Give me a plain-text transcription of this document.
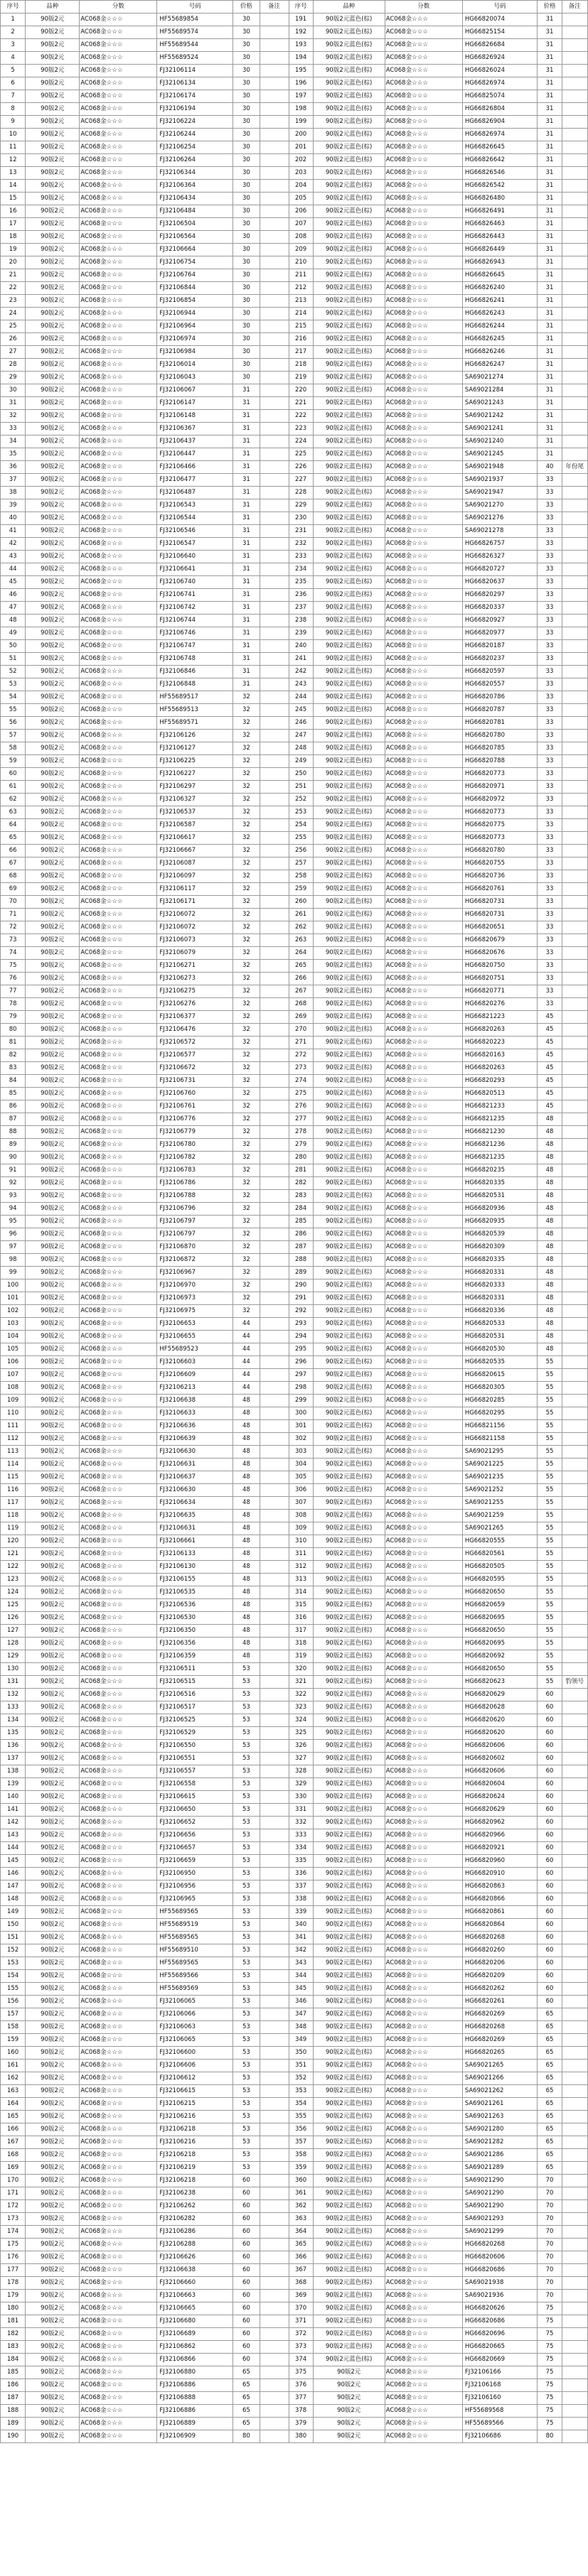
序号	品种	分数	号码	价格	备注	序号	品种	分数	号码	价格	备注
1	90版2元	AC068金☆☆☆	HF55689854	30		191	90版2元蓝色(棕)	AC068金☆☆☆	HG66820074	31	
2	90版2元	AC068金☆☆☆	HF55689574	30		192	90版2元蓝色(棕)	AC068金☆☆☆	HG66825154	31	
3	90版2元	AC068金☆☆☆	HF55689544	30		193	90版2元蓝色(棕)	AC068金☆☆☆	HG66826684	31	
4	90版2元	AC068金☆☆☆	HF55689524	30		194	90版2元蓝色(棕)	AC068金☆☆☆	HG66826924	31	
5	90版2元	AC068金☆☆☆	FJ32106114	30		195	90版2元蓝色(棕)	AC068金☆☆☆	HG66826024	31	
6	90版2元	AC068金☆☆☆	FJ32106134	30		196	90版2元蓝色(棕)	AC068金☆☆☆	HG66826974	31	
7	90版2元	AC068金☆☆☆	FJ32106174	30		197	90版2元蓝色(棕)	AC068金☆☆☆	HG66825074	31	
8	90版2元	AC068金☆☆☆	FJ32106194	30		198	90版2元蓝色(棕)	AC068金☆☆☆	HG66826804	31	
9	90版2元	AC068金☆☆☆	FJ32106224	30		199	90版2元蓝色(棕)	AC068金☆☆☆	HG66826904	31	
10	90版2元	AC068金☆☆☆	FJ32106244	30		200	90版2元蓝色(棕)	AC068金☆☆☆	HG66826974	31	
11	90版2元	AC068金☆☆☆	FJ32106254	30		201	90版2元蓝色(棕)	AC068金☆☆☆	HG66826645	31	
12	90版2元	AC068金☆☆☆	FJ32106264	30		202	90版2元蓝色(棕)	AC068金☆☆☆	HG66826642	31	
13	90版2元	AC068金☆☆☆	FJ32106344	30		203	90版2元蓝色(棕)	AC068金☆☆☆	HG66826546	31	
14	90版2元	AC068金☆☆☆	FJ32106364	30		204	90版2元蓝色(棕)	AC068金☆☆☆	HG66826542	31	
15	90版2元	AC068金☆☆☆	FJ32106434	30		205	90版2元蓝色(棕)	AC068金☆☆☆	HG66826480	31	
16	90版2元	AC068金☆☆☆	FJ32106484	30		206	90版2元蓝色(棕)	AC068金☆☆☆	HG66826491	31	
17	90版2元	AC068金☆☆☆	FJ32106504	30		207	90版2元蓝色(棕)	AC068金☆☆☆	HG66826463	31	
18	90版2元	AC068金☆☆☆	FJ32106564	30		208	90版2元蓝色(棕)	AC068金☆☆☆	HG66826443	31	
19	90版2元	AC068金☆☆☆	FJ32106664	30		209	90版2元蓝色(棕)	AC068金☆☆☆	HG66826449	31	
20	90版2元	AC068金☆☆☆	FJ32106754	30		210	90版2元蓝色(棕)	AC068金☆☆☆	HG66826943	31	
21	90版2元	AC068金☆☆☆	FJ32106764	30		211	90版2元蓝色(棕)	AC068金☆☆☆	HG66826645	31	
22	90版2元	AC068金☆☆☆	FJ32106844	30		212	90版2元蓝色(棕)	AC068金☆☆☆	HG66826240	31	
23	90版2元	AC068金☆☆☆	FJ32106854	30		213	90版2元蓝色(棕)	AC068金☆☆☆	HG66826241	31	
24	90版2元	AC068金☆☆☆	FJ32106944	30		214	90版2元蓝色(棕)	AC068金☆☆☆	HG66826243	31	
25	90版2元	AC068金☆☆☆	FJ32106964	30		215	90版2元蓝色(棕)	AC068金☆☆☆	HG66826244	31	
26	90版2元	AC068金☆☆☆	FJ32106974	30		216	90版2元蓝色(棕)	AC068金☆☆☆	HG66826245	31	
27	90版2元	AC068金☆☆☆	FJ32106984	30		217	90版2元蓝色(棕)	AC068金☆☆☆	HG66826246	31	
28	90版2元	AC068金☆☆☆	FJ32106014	30		218	90版2元蓝色(棕)	AC068金☆☆☆	HG66826247	31	
29	90版2元	AC068金☆☆☆	FJ32106043	30		219	90版2元蓝色(棕)	AC068金☆☆☆	SA69021274	31	
30	90版2元	AC068金☆☆☆	FJ32106067	31		220	90版2元蓝色(棕)	AC068金☆☆☆	SA69021284	31	
31	90版2元	AC068金☆☆☆	FJ32106147	31		221	90版2元蓝色(棕)	AC068金☆☆☆	SA69021243	31	
32	90版2元	AC068金☆☆☆	FJ32106148	31		222	90版2元蓝色(棕)	AC068金☆☆☆	SA69021242	31	
33	90版2元	AC068金☆☆☆	FJ32106367	31		223	90版2元蓝色(棕)	AC068金☆☆☆	SA69021241	31	
34	90版2元	AC068金☆☆☆	FJ32106437	31		224	90版2元蓝色(棕)	AC068金☆☆☆	SA69021240	31	
35	90版2元	AC068金☆☆☆	FJ32106447	31		225	90版2元蓝色(棕)	AC068金☆☆☆	SA69021245	31	
36	90版2元	AC068金☆☆☆	FJ32106466	31		226	90版2元蓝色(棕)	AC068金☆☆☆	SA69021948	40	年份尾
37	90版2元	AC068金☆☆☆	FJ32106477	31		227	90版2元蓝色(棕)	AC068金☆☆☆	SA69021937	33	
38	90版2元	AC068金☆☆☆	FJ32106487	31		228	90版2元蓝色(棕)	AC068金☆☆☆	SA69021947	33	
39	90版2元	AC068金☆☆☆	FJ32106543	31		229	90版2元蓝色(棕)	AC068金☆☆☆	SA69021270	33	
40	90版2元	AC068金☆☆☆	FJ32106544	31		230	90版2元蓝色(棕)	AC068金☆☆☆	SA69021276	33	
41	90版2元	AC068金☆☆☆	FJ32106546	31		231	90版2元蓝色(棕)	AC068金☆☆☆	SA69021278	33	
42	90版2元	AC068金☆☆☆	FJ32106547	31		232	90版2元蓝色(棕)	AC068金☆☆☆	HG66826757	33	
43	90版2元	AC068金☆☆☆	FJ32106640	31		233	90版2元蓝色(棕)	AC068金☆☆☆	HG66826327	33	
44	90版2元	AC068金☆☆☆	FJ32106641	31		234	90版2元蓝色(棕)	AC068金☆☆☆	HG66820727	33	
45	90版2元	AC068金☆☆☆	FJ32106740	31		235	90版2元蓝色(棕)	AC068金☆☆☆	HG66820637	33	
46	90版2元	AC068金☆☆☆	FJ32106741	31		236	90版2元蓝色(棕)	AC068金☆☆☆	HG66820297	33	
47	90版2元	AC068金☆☆☆	FJ32106742	31		237	90版2元蓝色(棕)	AC068金☆☆☆	HG66820337	33	
48	90版2元	AC068金☆☆☆	FJ32106744	31		238	90版2元蓝色(棕)	AC068金☆☆☆	HG66820927	33	
49	90版2元	AC068金☆☆☆	FJ32106746	31		239	90版2元蓝色(棕)	AC068金☆☆☆	HG66820977	33	
50	90版2元	AC068金☆☆☆	FJ32106747	31		240	90版2元蓝色(棕)	AC068金☆☆☆	HG66820187	33	
51	90版2元	AC068金☆☆☆	FJ32106748	31		241	90版2元蓝色(棕)	AC068金☆☆☆	HG66820237	33	
52	90版2元	AC068金☆☆☆	FJ32106846	31		242	90版2元蓝色(棕)	AC068金☆☆☆	HG66820597	33	
53	90版2元	AC068金☆☆☆	FJ32106848	31		243	90版2元蓝色(棕)	AC068金☆☆☆	HG66820557	33	
54	90版2元	AC068金☆☆☆	HF55689517	32		244	90版2元蓝色(棕)	AC068金☆☆☆	HG66820786	33	
55	90版2元	AC068金☆☆☆	HF55689513	32		245	90版2元蓝色(棕)	AC068金☆☆☆	HG66820787	33	
56	90版2元	AC068金☆☆☆	HF55689571	32		246	90版2元蓝色(棕)	AC068金☆☆☆	HG66820781	33	
57	90版2元	AC068金☆☆☆	FJ32106126	32		247	90版2元蓝色(棕)	AC068金☆☆☆	HG66820780	33	
58	90版2元	AC068金☆☆☆	FJ32106127	32		248	90版2元蓝色(棕)	AC068金☆☆☆	HG66820785	33	
59	90版2元	AC068金☆☆☆	FJ32106225	32		249	90版2元蓝色(棕)	AC068金☆☆☆	HG66820788	33	
60	90版2元	AC068金☆☆☆	FJ32106227	32		250	90版2元蓝色(棕)	AC068金☆☆☆	HG66820773	33	
61	90版2元	AC068金☆☆☆	FJ32106297	32		251	90版2元蓝色(棕)	AC068金☆☆☆	HG66820971	33	
62	90版2元	AC068金☆☆☆	FJ32106327	32		252	90版2元蓝色(棕)	AC068金☆☆☆	HG66820972	33	
63	90版2元	AC068金☆☆☆	FJ32106537	32		253	90版2元蓝色(棕)	AC068金☆☆☆	HG66820773	33	
64	90版2元	AC068金☆☆☆	FJ32106587	32		254	90版2元蓝色(棕)	AC068金☆☆☆	HG66820775	33	
65	90版2元	AC068金☆☆☆	FJ32106617	32		255	90版2元蓝色(棕)	AC068金☆☆☆	HG66820773	33	
66	90版2元	AC068金☆☆☆	FJ32106667	32		256	90版2元蓝色(棕)	AC068金☆☆☆	HG66820780	33	
67	90版2元	AC068金☆☆☆	FJ32106087	32		257	90版2元蓝色(棕)	AC068金☆☆☆	HG66820755	33	
68	90版2元	AC068金☆☆☆	FJ32106097	32		258	90版2元蓝色(棕)	AC068金☆☆☆	HG66820736	33	
69	90版2元	AC068金☆☆☆	FJ32106117	32		259	90版2元蓝色(棕)	AC068金☆☆☆	HG66820761	33	
70	90版2元	AC068金☆☆☆	FJ32106171	32		260	90版2元蓝色(棕)	AC068金☆☆☆	HG66820731	33	
71	90版2元	AC068金☆☆☆	FJ32106072	32		261	90版2元蓝色(棕)	AC068金☆☆☆	HG66820731	33	
72	90版2元	AC068金☆☆☆	FJ32106072	32		262	90版2元蓝色(棕)	AC068金☆☆☆	HG66820651	33	
73	90版2元	AC068金☆☆☆	FJ32106073	32		263	90版2元蓝色(棕)	AC068金☆☆☆	HG66820679	33	
74	90版2元	AC068金☆☆☆	FJ32106079	32		264	90版2元蓝色(棕)	AC068金☆☆☆	HG66820676	33	
75	90版2元	AC068金☆☆☆	FJ32106271	32		265	90版2元蓝色(棕)	AC068金☆☆☆	HG66820750	33	
76	90版2元	AC068金☆☆☆	FJ32106273	32		266	90版2元蓝色(棕)	AC068金☆☆☆	HG66820751	33	
77	90版2元	AC068金☆☆☆	FJ32106275	32		267	90版2元蓝色(棕)	AC068金☆☆☆	HG66820771	33	
78	90版2元	AC068金☆☆☆	FJ32106276	32		268	90版2元蓝色(棕)	AC068金☆☆☆	HG66820276	33	
79	90版2元	AC068金☆☆☆	FJ32106377	32		269	90版2元蓝色(棕)	AC068金☆☆☆	HG66821223	45	
80	90版2元	AC068金☆☆☆	FJ32106476	32		270	90版2元蓝色(棕)	AC068金☆☆☆	HG66820263	45	
81	90版2元	AC068金☆☆☆	FJ32106572	32		271	90版2元蓝色(棕)	AC068金☆☆☆	HG66820223	45	
82	90版2元	AC068金☆☆☆	FJ32106577	32		272	90版2元蓝色(棕)	AC068金☆☆☆	HG66820163	45	
83	90版2元	AC068金☆☆☆	FJ32106672	32		273	90版2元蓝色(棕)	AC068金☆☆☆	HG66820263	45	
84	90版2元	AC068金☆☆☆	FJ32106731	32		274	90版2元蓝色(棕)	AC068金☆☆☆	HG66820293	45	
85	90版2元	AC068金☆☆☆	FJ32106760	32		275	90版2元蓝色(棕)	AC068金☆☆☆	HG66820513	45	
86	90版2元	AC068金☆☆☆	FJ32106761	32		276	90版2元蓝色(棕)	AC068金☆☆☆	HG66821233	45	
87	90版2元	AC068金☆☆☆	FJ32106776	32		277	90版2元蓝色(棕)	AC068金☆☆☆	HG66821235	48	
88	90版2元	AC068金☆☆☆	FJ32106779	32		278	90版2元蓝色(棕)	AC068金☆☆☆	HG66821230	48	
89	90版2元	AC068金☆☆☆	FJ32106780	32		279	90版2元蓝色(棕)	AC068金☆☆☆	HG66821236	48	
90	90版2元	AC068金☆☆☆	FJ32106782	32		280	90版2元蓝色(棕)	AC068金☆☆☆	HG66821235	48	
91	90版2元	AC068金☆☆☆	FJ32106783	32		281	90版2元蓝色(棕)	AC068金☆☆☆	HG66820235	48	
92	90版2元	AC068金☆☆☆	FJ32106786	32		282	90版2元蓝色(棕)	AC068金☆☆☆	HG66820335	48	
93	90版2元	AC068金☆☆☆	FJ32106788	32		283	90版2元蓝色(棕)	AC068金☆☆☆	HG66820531	48	
94	90版2元	AC068金☆☆☆	FJ32106796	32		284	90版2元蓝色(棕)	AC068金☆☆☆	HG66820936	48	
95	90版2元	AC068金☆☆☆	FJ32106797	32		285	90版2元蓝色(棕)	AC068金☆☆☆	HG66820935	48	
96	90版2元	AC068金☆☆☆	FJ32106797	32		286	90版2元蓝色(棕)	AC068金☆☆☆	HG66820539	48	
97	90版2元	AC068金☆☆☆	FJ32106870	32		287	90版2元蓝色(棕)	AC068金☆☆☆	HG66820309	48	
98	90版2元	AC068金☆☆☆	FJ32106872	32		288	90版2元蓝色(棕)	AC068金☆☆☆	HG66820335	48	
99	90版2元	AC068金☆☆☆	FJ32106967	32		289	90版2元蓝色(棕)	AC068金☆☆☆	HG66820331	48	
100	90版2元	AC068金☆☆☆	FJ32106970	32		290	90版2元蓝色(棕)	AC068金☆☆☆	HG66820333	48	
101	90版2元	AC068金☆☆☆	FJ32106973	32		291	90版2元蓝色(棕)	AC068金☆☆☆	HG66820331	48	
102	90版2元	AC068金☆☆☆	FJ32106975	32		292	90版2元蓝色(棕)	AC068金☆☆☆	HG66820336	48	
103	90版2元	AC068金☆☆☆	FJ32106653	44		293	90版2元蓝色(棕)	AC068金☆☆☆	HG66820533	48	
104	90版2元	AC068金☆☆☆	FJ32106655	44		294	90版2元蓝色(棕)	AC068金☆☆☆	HG66820531	48	
105	90版2元	AC068金☆☆☆	HF55689523	44		295	90版2元蓝色(棕)	AC068金☆☆☆	HG66820530	48	
106	90版2元	AC068金☆☆☆	FJ32106603	44		296	90版2元蓝色(棕)	AC068金☆☆☆	HG66820535	55	
107	90版2元	AC068金☆☆☆	FJ32106609	44		297	90版2元蓝色(棕)	AC068金☆☆☆	HG66820615	55	
108	90版2元	AC068金☆☆☆	FJ32106213	44		298	90版2元蓝色(棕)	AC068金☆☆☆	HG66820305	55	
109	90版2元	AC068金☆☆☆	FJ32106638	48		299	90版2元蓝色(棕)	AC068金☆☆☆	HG66820285	55	
110	90版2元	AC068金☆☆☆	FJ32106633	48		300	90版2元蓝色(棕)	AC068金☆☆☆	HG66820295	55	
111	90版2元	AC068金☆☆☆	FJ32106636	48		301	90版2元蓝色(棕)	AC068金☆☆☆	HG66821156	55	
112	90版2元	AC068金☆☆☆	FJ32106639	48		302	90版2元蓝色(棕)	AC068金☆☆☆	HG66821158	55	
113	90版2元	AC068金☆☆☆	FJ32106630	48		303	90版2元蓝色(棕)	AC068金☆☆☆	SA69021295	55	
114	90版2元	AC068金☆☆☆	FJ32106631	48		304	90版2元蓝色(棕)	AC068金☆☆☆	SA69021225	55	
115	90版2元	AC068金☆☆☆	FJ32106637	48		305	90版2元蓝色(棕)	AC068金☆☆☆	SA69021235	55	
116	90版2元	AC068金☆☆☆	FJ32106630	48		306	90版2元蓝色(棕)	AC068金☆☆☆	SA69021252	55	
117	90版2元	AC068金☆☆☆	FJ32106634	48		307	90版2元蓝色(棕)	AC068金☆☆☆	SA69021255	55	
118	90版2元	AC068金☆☆☆	FJ32106635	48		308	90版2元蓝色(棕)	AC068金☆☆☆	SA69021259	55	
119	90版2元	AC068金☆☆☆	FJ32106631	48		309	90版2元蓝色(棕)	AC068金☆☆☆	SA69021265	55	
120	90版2元	AC068金☆☆☆	FJ32106661	48		310	90版2元蓝色(棕)	AC068金☆☆☆	HG66820555	55	
121	90版2元	AC068金☆☆☆	FJ32106133	48		311	90版2元蓝色(棕)	AC068金☆☆☆	HG66820561	55	
122	90版2元	AC068金☆☆☆	FJ32106130	48		312	90版2元蓝色(棕)	AC068金☆☆☆	HG66820505	55	
123	90版2元	AC068金☆☆☆	FJ32106155	48		313	90版2元蓝色(棕)	AC068金☆☆☆	HG66820595	55	
124	90版2元	AC068金☆☆☆	FJ32106535	48		314	90版2元蓝色(棕)	AC068金☆☆☆	HG66820650	55	
125	90版2元	AC068金☆☆☆	FJ32106536	48		315	90版2元蓝色(棕)	AC068金☆☆☆	HG66820659	55	
126	90版2元	AC068金☆☆☆	FJ32106530	48		316	90版2元蓝色(棕)	AC068金☆☆☆	HG66820695	55	
127	90版2元	AC068金☆☆☆	FJ32106350	48		317	90版2元蓝色(棕)	AC068金☆☆☆	HG66820650	55	
128	90版2元	AC068金☆☆☆	FJ32106356	48		318	90版2元蓝色(棕)	AC068金☆☆☆	HG66820695	55	
129	90版2元	AC068金☆☆☆	FJ32106359	48		319	90版2元蓝色(棕)	AC068金☆☆☆	HG66820692	55	
130	90版2元	AC068金☆☆☆	FJ32106511	53		320	90版2元蓝色(棕)	AC068金☆☆☆	HG66820650	55	
131	90版2元	AC068金☆☆☆	FJ32106515	53		321	90版2元蓝色(棕)	AC068金☆☆☆	HG66820623	55	豹领号
132	90版2元	AC068金☆☆☆	FJ32106516	53		322	90版2元蓝色(棕)	AC068金☆☆☆	HG66820629	60	
133	90版2元	AC068金☆☆☆	FJ32106517	53		323	90版2元蓝色(棕)	AC068金☆☆☆	HG66820628	60	
134	90版2元	AC068金☆☆☆	FJ32106525	53		324	90版2元蓝色(棕)	AC068金☆☆☆	HG66820620	60	
135	90版2元	AC068金☆☆☆	FJ32106529	53		325	90版2元蓝色(棕)	AC068金☆☆☆	HG66820620	60	
136	90版2元	AC068金☆☆☆	FJ32106550	53		326	90版2元蓝色(棕)	AC068金☆☆☆	HG66820606	60	
137	90版2元	AC068金☆☆☆	FJ32106551	53		327	90版2元蓝色(棕)	AC068金☆☆☆	HG66820602	60	
138	90版2元	AC068金☆☆☆	FJ32106557	53		328	90版2元蓝色(棕)	AC068金☆☆☆	HG66820606	60	
139	90版2元	AC068金☆☆☆	FJ32106558	53		329	90版2元蓝色(棕)	AC068金☆☆☆	HG66820604	60	
140	90版2元	AC068金☆☆☆	FJ32106615	53		330	90版2元蓝色(棕)	AC068金☆☆☆	HG66820624	60	
141	90版2元	AC068金☆☆☆	FJ32106650	53		331	90版2元蓝色(棕)	AC068金☆☆☆	HG66820629	60	
142	90版2元	AC068金☆☆☆	FJ32106652	53		332	90版2元蓝色(棕)	AC068金☆☆☆	HG66820962	60	
143	90版2元	AC068金☆☆☆	FJ32106656	53		333	90版2元蓝色(棕)	AC068金☆☆☆	HG66820966	60	
144	90版2元	AC068金☆☆☆	FJ32106657	53		334	90版2元蓝色(棕)	AC068金☆☆☆	HG66820921	60	
145	90版2元	AC068金☆☆☆	FJ32106659	53		335	90版2元蓝色(棕)	AC068金☆☆☆	HG66820960	60	
146	90版2元	AC068金☆☆☆	FJ32106950	53		336	90版2元蓝色(棕)	AC068金☆☆☆	HG66820910	60	
147	90版2元	AC068金☆☆☆	FJ32106956	53		337	90版2元蓝色(棕)	AC068金☆☆☆	HG66820863	60	
148	90版2元	AC068金☆☆☆	FJ32106965	53		338	90版2元蓝色(棕)	AC068金☆☆☆	HG66820866	60	
149	90版2元	AC068金☆☆☆	HF55689565	53		339	90版2元蓝色(棕)	AC068金☆☆☆	HG66820861	60	
150	90版2元	AC068金☆☆☆	HF55689519	53		340	90版2元蓝色(棕)	AC068金☆☆☆	HG66820864	60	
151	90版2元	AC068金☆☆☆	HF55689565	53		341	90版2元蓝色(棕)	AC068金☆☆☆	HG66820268	60	
152	90版2元	AC068金☆☆☆	HF55689510	53		342	90版2元蓝色(棕)	AC068金☆☆☆	HG66820260	60	
153	90版2元	AC068金☆☆☆	HF55689565	53		343	90版2元蓝色(棕)	AC068金☆☆☆	HG66820206	60	
154	90版2元	AC068金☆☆☆	HF55689566	53		344	90版2元蓝色(棕)	AC068金☆☆☆	HG66820209	60	
155	90版2元	AC068金☆☆☆	HF55689569	53		345	90版2元蓝色(棕)	AC068金☆☆☆	HG66820262	60	
156	90版2元	AC068金☆☆☆	FJ32106065	53		346	90版2元蓝色(棕)	AC068金☆☆☆	HG66820261	60	
157	90版2元	AC068金☆☆☆	FJ32106066	53		347	90版2元蓝色(棕)	AC068金☆☆☆	HG66820269	65	
158	90版2元	AC068金☆☆☆	FJ32106063	53		348	90版2元蓝色(棕)	AC068金☆☆☆	HG66820268	65	
159	90版2元	AC068金☆☆☆	FJ32106065	53		349	90版2元蓝色(棕)	AC068金☆☆☆	HG66820269	65	
160	90版2元	AC068金☆☆☆	FJ32106600	53		350	90版2元蓝色(棕)	AC068金☆☆☆	HG66820265	65	
161	90版2元	AC068金☆☆☆	FJ32106606	53		351	90版2元蓝色(棕)	AC068金☆☆☆	SA69021265	65	
162	90版2元	AC068金☆☆☆	FJ32106612	53		352	90版2元蓝色(棕)	AC068金☆☆☆	SA69021266	65	
163	90版2元	AC068金☆☆☆	FJ32106615	53		353	90版2元蓝色(棕)	AC068金☆☆☆	SA69021262	65	
164	90版2元	AC068金☆☆☆	FJ32106215	53		354	90版2元蓝色(棕)	AC068金☆☆☆	SA69021261	65	
165	90版2元	AC068金☆☆☆	FJ32106216	53		355	90版2元蓝色(棕)	AC068金☆☆☆	SA69021263	65	
166	90版2元	AC068金☆☆☆	FJ32106218	53		356	90版2元蓝色(棕)	AC068金☆☆☆	SA69021280	65	
167	90版2元	AC068金☆☆☆	FJ32106216	53		357	90版2元蓝色(棕)	AC068金☆☆☆	SA69021282	65	
168	90版2元	AC068金☆☆☆	FJ32106218	53		358	90版2元蓝色(棕)	AC068金☆☆☆	SA69021286	65	
169	90版2元	AC068金☆☆☆	FJ32106219	53		359	90版2元蓝色(棕)	AC068金☆☆☆	SA69021289	65	
170	90版2元	AC068金☆☆☆	FJ32106218	60		360	90版2元蓝色(棕)	AC068金☆☆☆	SA69021290	70	
171	90版2元	AC068金☆☆☆	FJ32106238	60		361	90版2元蓝色(棕)	AC068金☆☆☆	SA69021290	70	
172	90版2元	AC068金☆☆☆	FJ32106262	60		362	90版2元蓝色(棕)	AC068金☆☆☆	SA69021290	70	
173	90版2元	AC068金☆☆☆	FJ32106282	60		363	90版2元蓝色(棕)	AC068金☆☆☆	SA69021293	70	
174	90版2元	AC068金☆☆☆	FJ32106286	60		364	90版2元蓝色(棕)	AC068金☆☆☆	SA69021299	70	
175	90版2元	AC068金☆☆☆	FJ32106288	60		365	90版2元蓝色(棕)	AC068金☆☆☆	HG66820268	70	
176	90版2元	AC068金☆☆☆	FJ32106626	60		366	90版2元蓝色(棕)	AC068金☆☆☆	HG66820606	70	
177	90版2元	AC068金☆☆☆	FJ32106638	60		367	90版2元蓝色(棕)	AC068金☆☆☆	HG66820686	70	
178	90版2元	AC068金☆☆☆	FJ32106660	60		368	90版2元蓝色(棕)	AC068金☆☆☆	SA69021938	70	
179	90版2元	AC068金☆☆☆	FJ32106663	60		369	90版2元蓝色(棕)	AC068金☆☆☆	SA69021936	70	
180	90版2元	AC068金☆☆☆	FJ32106665	60		370	90版2元蓝色(棕)	AC068金☆☆☆	HG66820626	75	
181	90版2元	AC068金☆☆☆	FJ32106680	60		371	90版2元蓝色(棕)	AC068金☆☆☆	HG66820686	75	
182	90版2元	AC068金☆☆☆	FJ32106689	60		372	90版2元蓝色(棕)	AC068金☆☆☆	HG66820696	75	
183	90版2元	AC068金☆☆☆	FJ32106862	60		373	90版2元蓝色(棕)	AC068金☆☆☆	HG66820665	75	
184	90版2元	AC068金☆☆☆	FJ32106866	60		374	90版2元蓝色(棕)	AC068金☆☆☆	HG66820669	75	
185	90版2元	AC068金☆☆☆	FJ32106880	65		375	90版2元	AC068金☆☆☆	FJ32106166	75	
186	90版2元	AC068金☆☆☆	FJ32106886	65		376	90版2元	AC068金☆☆☆	FJ32106168	75	
187	90版2元	AC068金☆☆☆	FJ32106888	65		377	90版2元	AC068金☆☆☆	FJ32106160	75	
188	90版2元	AC068金☆☆☆	FJ32106886	65		378	90版2元	AC068金☆☆☆	HF55689568	75	
189	90版2元	AC068金☆☆☆	FJ32106889	65		379	90版2元	AC068金☆☆☆	HF55689566	75	
190	90版2元	AC068金☆☆☆	FJ32106909	80		380	90版2元	AC068金☆☆☆	FJ32106686	80	
